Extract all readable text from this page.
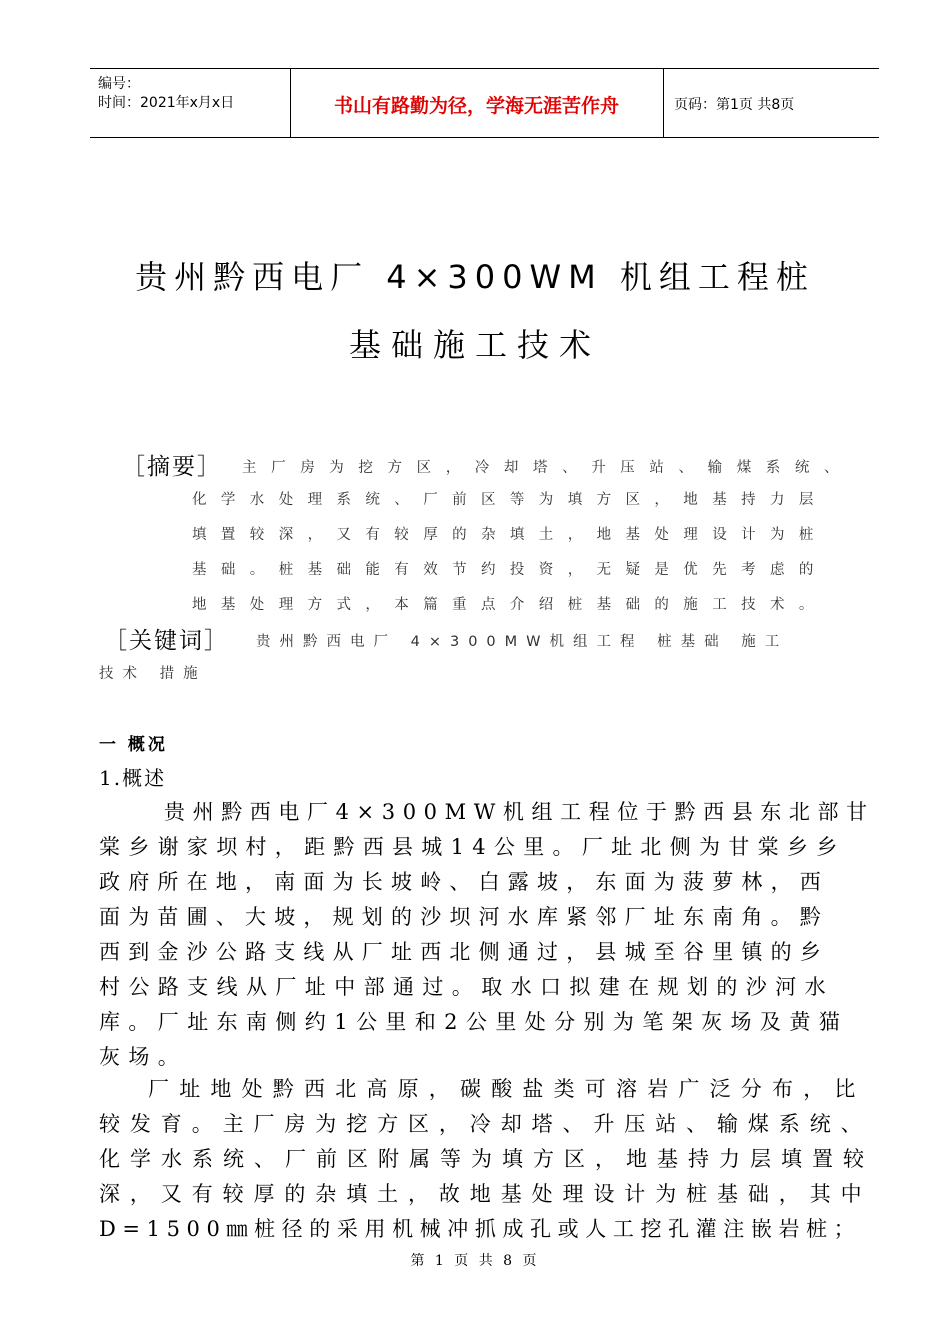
编号：
时间：2021年x月x日	书山有路勤为径，学海无涯苦作舟	页码：第1页 共8页
贵州黔西电厂 4×300WM 机组工程桩
基础施工技术
［摘要］ 主厂房为挖方区，冷却塔、升压站、输煤系统、
化学水处理系统、厂前区等为填方区，地基持力层
填置较深，又有较厚的杂填土，地基处理设计为桩
基础。桩基础能有效节约投资，无疑是优先考虑的
地基处理方式，本篇重点介绍桩基础的施工技术。
［关键词］ 贵州黔西电厂 4×300MW机组工程 桩基础 施工
技术 措施
一 概况
1.概述
贵州黔西电厂4×300MW机组工程位于黔西县东北部甘
棠乡谢家坝村，距黔西县城14公里。厂址北侧为甘棠乡乡
政府所在地，南面为长坡岭、白露坡，东面为菠萝林，西
面为苗圃、大坡，规划的沙坝河水库紧邻厂址东南角。黔
西到金沙公路支线从厂址西北侧通过，县城至谷里镇的乡
村公路支线从厂址中部通过。取水口拟建在规划的沙河水
库。厂址东南侧约1公里和2公里处分别为笔架灰场及黄猫
灰场。
厂址地处黔西北高原，碳酸盐类可溶岩广泛分布，比
较发育。主厂房为挖方区，冷却塔、升压站、输煤系统、
化学水系统、厂前区附属等为填方区，地基持力层填置较
深，又有较厚的杂填土，故地基处理设计为桩基础，其中
D=1500㎜桩径的采用机械冲抓成孔或人工挖孔灌注嵌岩桩；
第 1 页 共 8 页
